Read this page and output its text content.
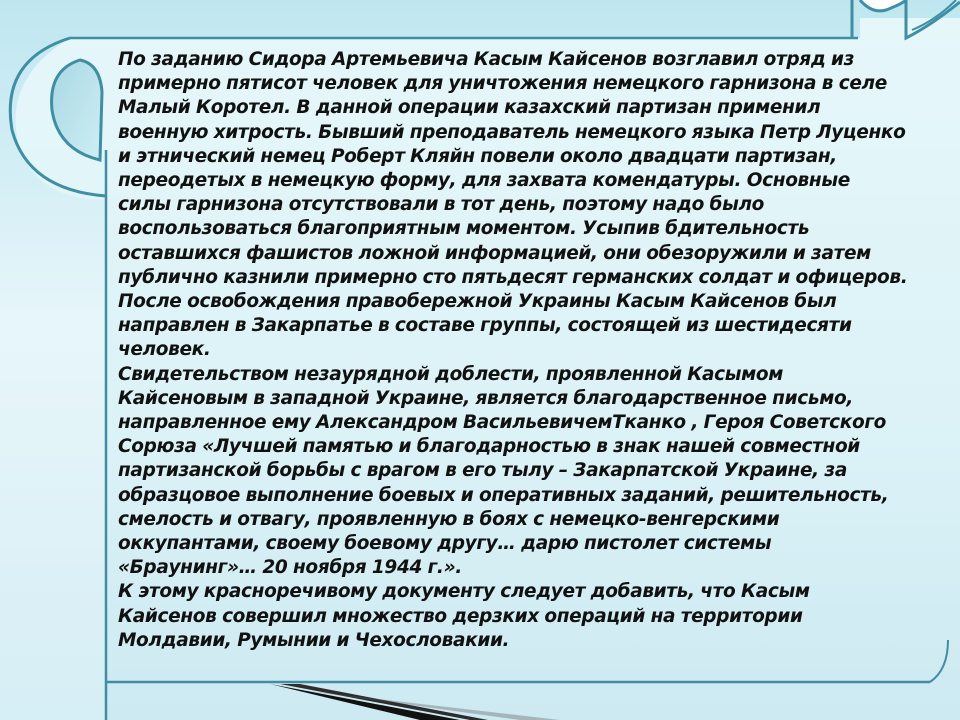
По заданию Сидора Артемьевича Касым Кайсенов возглавил отряд из примерно пятисот человек для уничтожения немецкого гарнизона в селе Малый Коротел. В данной операции казахский партизан применил военную хитрость. Бывший преподаватель немецкого языка Петр Луценко и этнический немец Роберт Кляйн повели около двадцати партизан, переодетых в немецкую форму, для захвата комендатуры. Основные силы гарнизона отсутствовали в тот день, поэтому надо было воспользоваться благоприятным моментом. Усыпив бдительность оставшихся фашистов ложной информацией, они обезоружили и затем публично казнили примерно сто пятьдесят германских солдат и офицеров.

После освобождения правобережной Украины Касым Кайсенов был направлен в Закарпатье в составе группы, состоящей из шестидесяти человек.

Свидетельством незаурядной доблести, проявленной Касымом Кайсеновым в западной Украине, является благодарственное письмо, направленное ему Александром ВасильевичемТканко , Героя Советского Сорюза «Лучшей памятью и благодарностью в знак нашей совместной партизанской борьбы с врагом в его тылу – Закарпатской Украине, за образцовое выполнение боевых и оперативных заданий, решительность, смелость и отвагу, проявленную в боях с немецко-венгерскими оккупантами, своему боевому другу… дарю пистолет системы «Браунинг»… 20 ноября 1944 г.».

К этому красноречивому документу следует добавить, что Касым Кайсенов совершил множество дерзких операций на территории Молдавии, Румынии и Чехословакии.
